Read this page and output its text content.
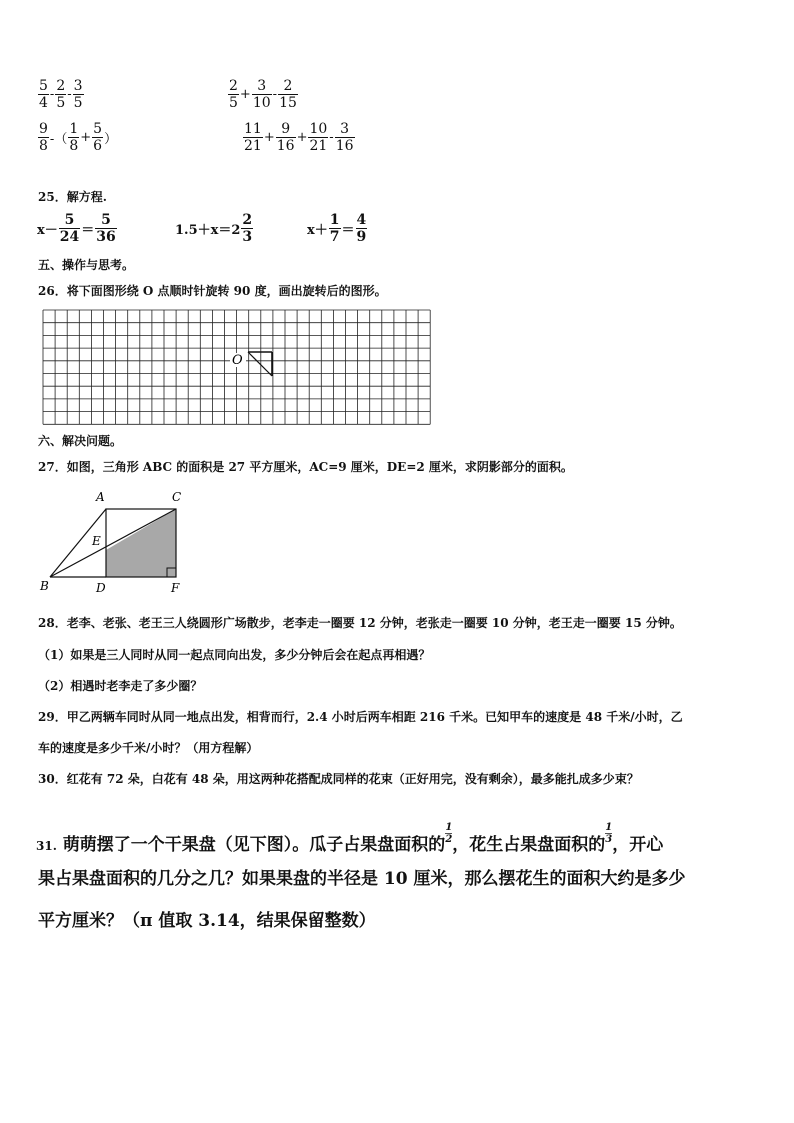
$\frac{5}{4} - \frac{2}{5} - \frac{3}{5}$	$\frac{2}{5} + \frac{3}{10} - \frac{2}{15}$
$\frac{9}{8}$ -（ $\frac{1}{8} + \frac{5}{6}$ ）	$\frac{11}{21} + \frac{9}{16} + \frac{10}{21} - \frac{3}{16}$
25．解方程.
$x- \frac{5}{24} = \frac{5}{36}$	$1.5+x=2 \frac{2}{3}$	$x+ \frac{1}{7} = \frac{4}{9}$
五、操作与思考。
26．将下面图形绕 O 点顺时针旋转 90 度，画出旋转后的图形。
O
六、解决问题。
27．如图，三角形 ABC 的面积是 27 平方厘米，AC=9 厘米，DE=2 厘米，求阴影部分的面积。
A	C
E
B	D	F
28．老李、老张、老王三人绕圆形广场散步，老李走一圈要 12 分钟，老张走一圈要 10 分钟，老王走一圈要 15 分钟。
（1）如果是三人同时从同一起点同向出发，多少分钟后会在起点再相遇？
（2）相遇时老李走了多少圈？
29．甲乙两辆车同时从同一地点出发，相背而行，2.4 小时后两车相距 216 千米。已知甲车的速度是 48 千米/小时，乙
车的速度是多少千米/小时？（用方程解）
30．红花有 72 朵，白花有 48 朵，用这两种花搭配成同样的花束（正好用完，没有剩余），最多能扎成多少束？
31. 萌萌摆了一个干果盘（见下图）。瓜子占果盘面积的 $\frac{1}{2}$ ，花生占果盘面积的 $\frac{1}{3}$ ，开心
果占果盘面积的几分之几？如果果盘的半径是 10 厘米，那么摆花生的面积大约是多少
平方厘米？（π 值取 3.14，结果保留整数）
